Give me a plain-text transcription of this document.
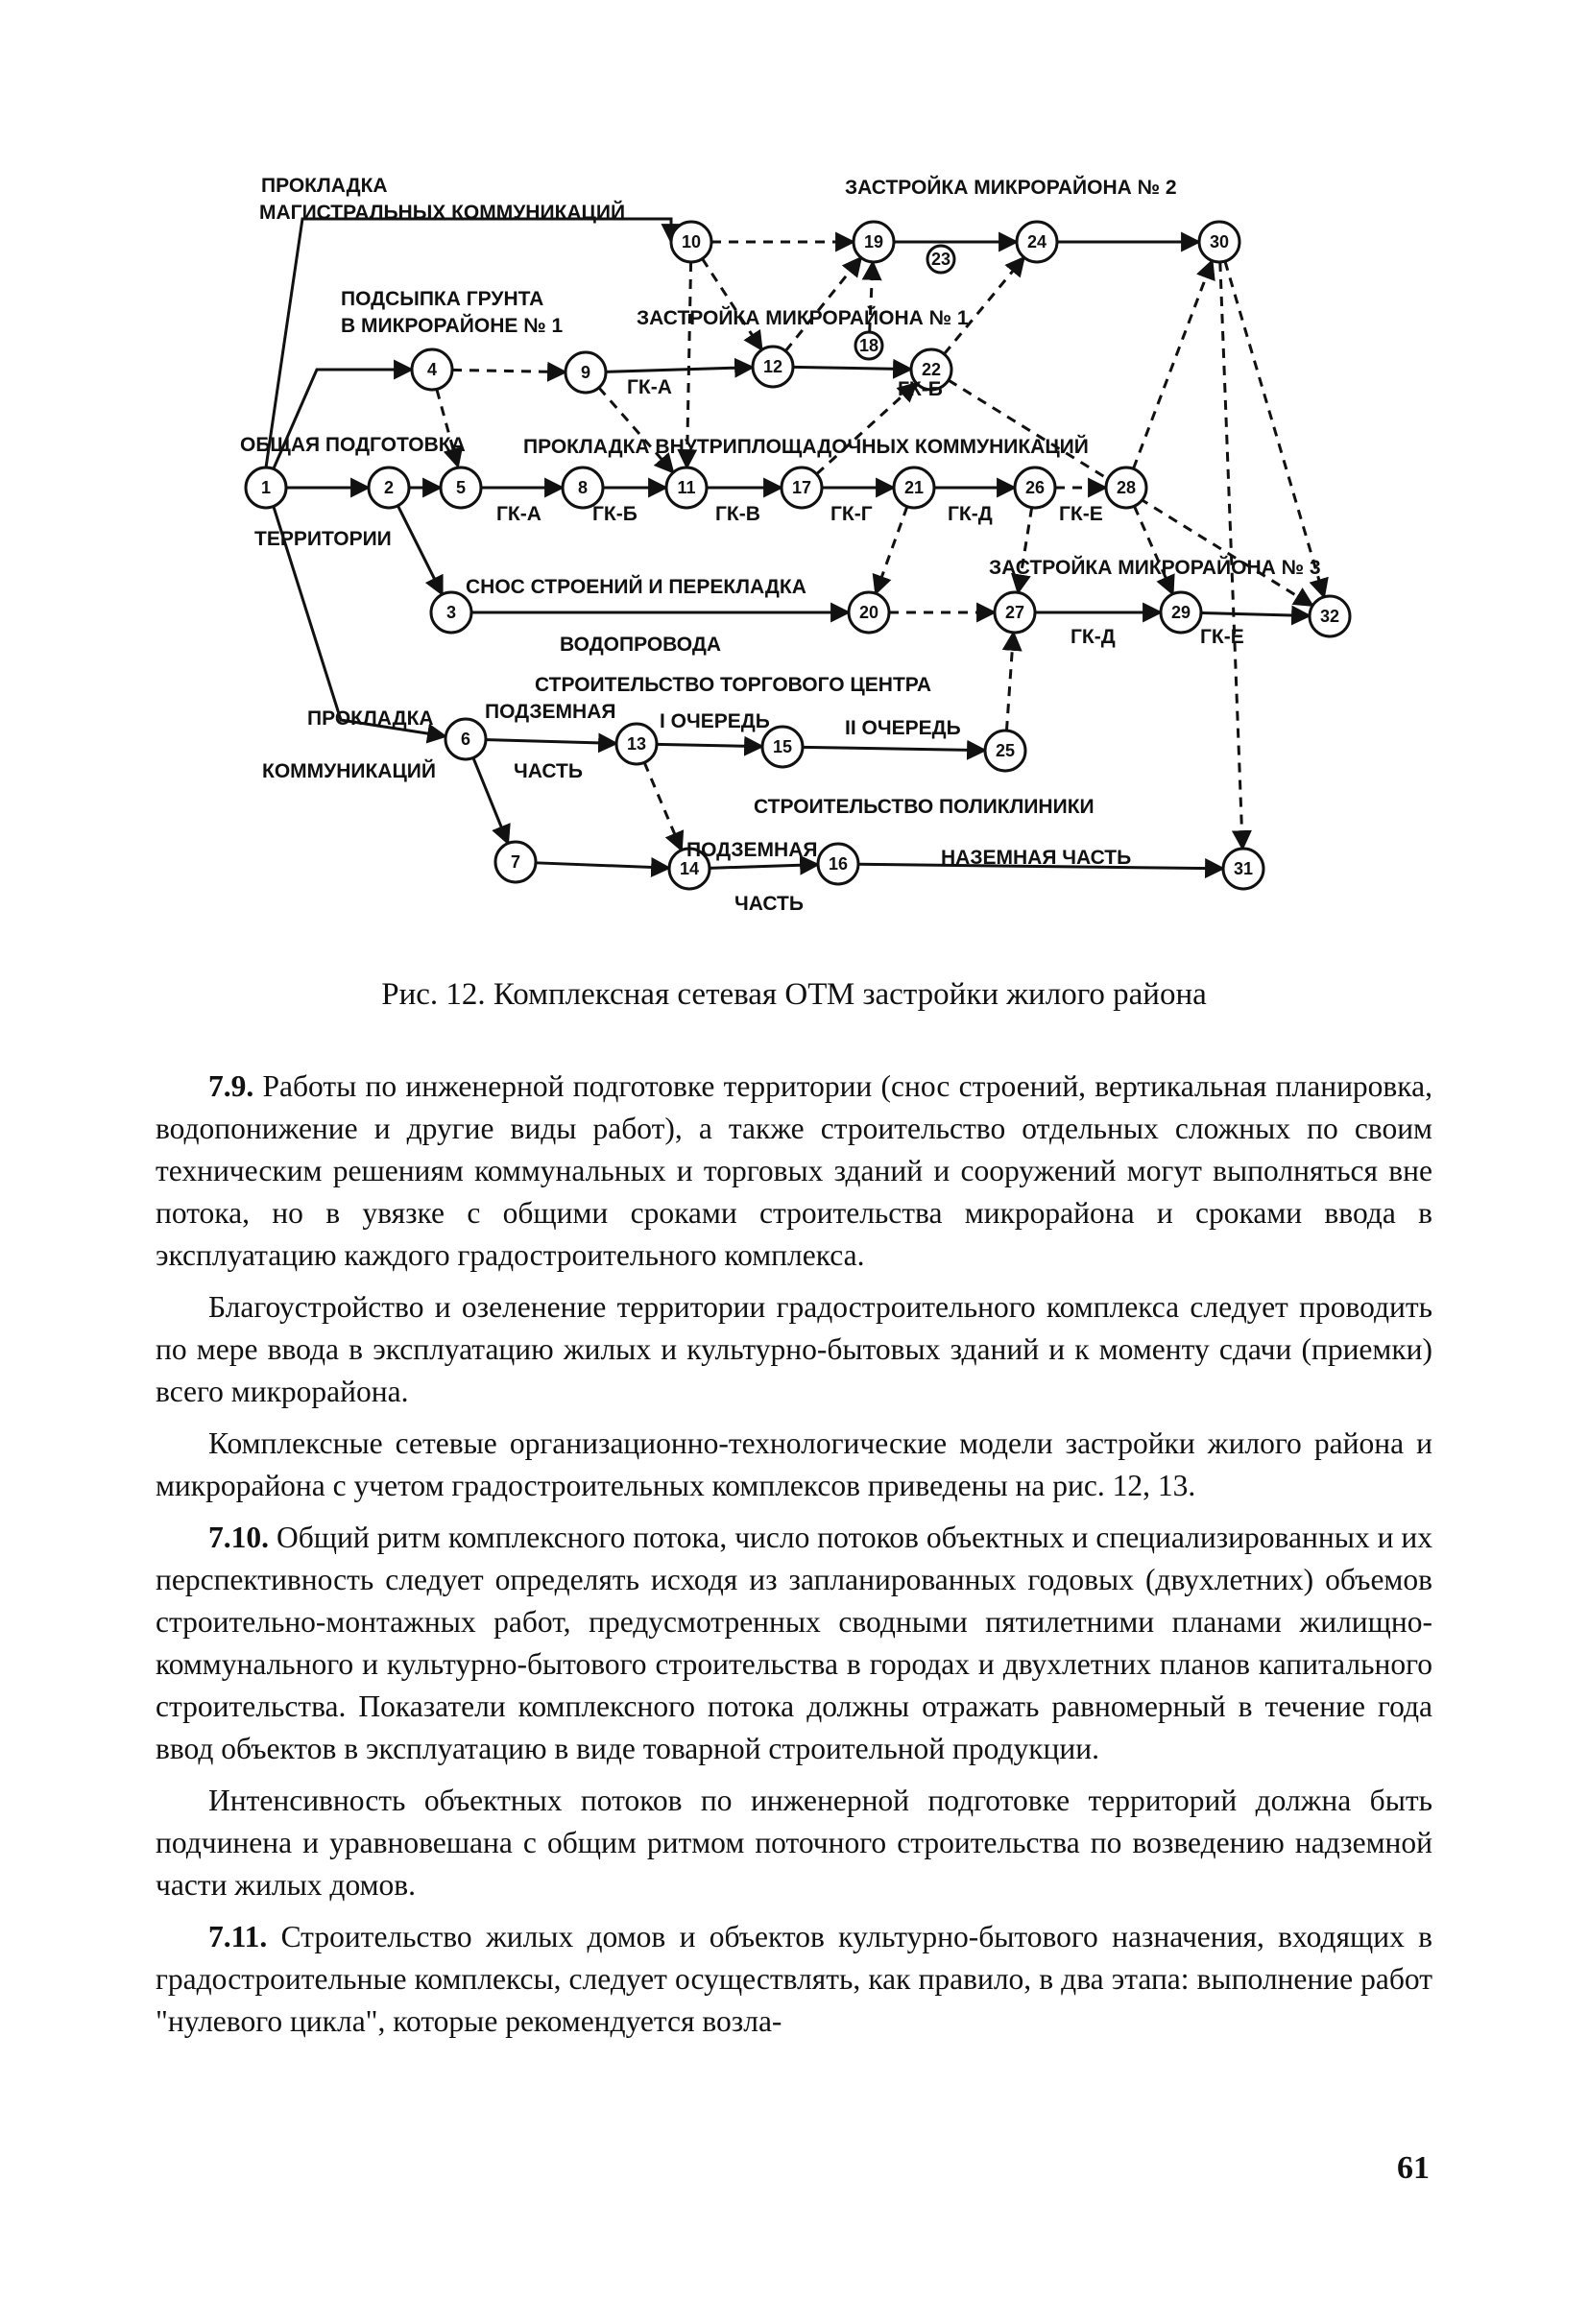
1	2
3
4
5
6
7
8
9
10
11
12
13
14
15
16
17
18
19
20
21
22
23
24
25
26
27
28
29
30
31
32
ПРОКЛАДКА
МАГИСТРАЛЬНЫХ КОММУНИКАЦИЙ
ЗАСТРОЙКА МИКРОРАЙОНА № 2
ПОДСЫПКА ГРУНТА
В МИКРОРАЙОНЕ № 1	ЗАСТРОЙКА МИКРОРАЙОНА № 1
ОБЩАЯ ПОДГОТОВКА
ТЕРРИТОРИИ
ПРОКЛАДКА ВНУТРИПЛОЩАДОЧНЫХ КОММУНИКАЦИЙ
ЗАСТРОЙКА МИКРОРАЙОНА № 3
СНОС СТРОЕНИЙ И ПЕРЕКЛАДКА
ВОДОПРОВОДА
СТРОИТЕЛЬСТВО ТОРГОВОГО ЦЕНТРА
ПРОКЛАДКА
КОММУНИКАЦИЙ
ПОДЗЕМНАЯ
ЧАСТЬ
I ОЧЕРЕДЬ	II ОЧЕРЕДЬ
СТРОИТЕЛЬСТВО ПОЛИКЛИНИКИ
ПОДЗЕМНАЯ
ЧАСТЬ
НАЗЕМНАЯ ЧАСТЬ
ГК-А	ГК-Б
ГК-А	ГК-Б	ГК-В	ГК-Г	ГК-Д	ГК-Е
ГК-Д	ГК-Е
Рис. 12. Комплексная сетевая ОТМ застройки жилого района

7.9. Работы по инженерной подготовке территории (снос строений, вертикальная планировка, водопонижение и другие виды работ), а также строительство отдельных сложных по своим техническим решениям коммунальных и торговых зданий и сооружений могут выполняться вне потока, но в увязке с общими сроками строительства микрорайона и сроками ввода в эксплуатацию каждого градостроительного комплекса.

Благоустройство и озеленение территории градостроительного комплекса следует проводить по мере ввода в эксплуатацию жилых и культурно-бытовых зданий и к моменту сдачи (приемки) всего микрорайона.

Комплексные сетевые организационно-технологические модели застройки жилого района и микрорайона с учетом градостроительных комплексов приведены на рис. 12, 13.

7.10. Общий ритм комплексного потока, число потоков объектных и специализированных и их перспективность следует определять исходя из запланированных годовых (двухлетних) объемов строительно-монтажных работ, предусмотренных сводными пятилетними планами жилищно-коммунального и культурно-бытового строительства в городах и двухлетних планов капитального строительства. Показатели комплексного потока должны отражать равномерный в течение года ввод объектов в эксплуатацию в виде товарной строительной продукции.

Интенсивность объектных потоков по инженерной подготовке территорий должна быть подчинена и уравновешана с общим ритмом поточного строительства по возведению надземной части жилых домов.

7.11. Строительство жилых домов и объектов культурно-бытового назначения, входящих в градостроительные комплексы, следует осуществлять, как правило, в два этапа: выполнение работ "нулевого цикла", которые рекомендуется возла-

61
